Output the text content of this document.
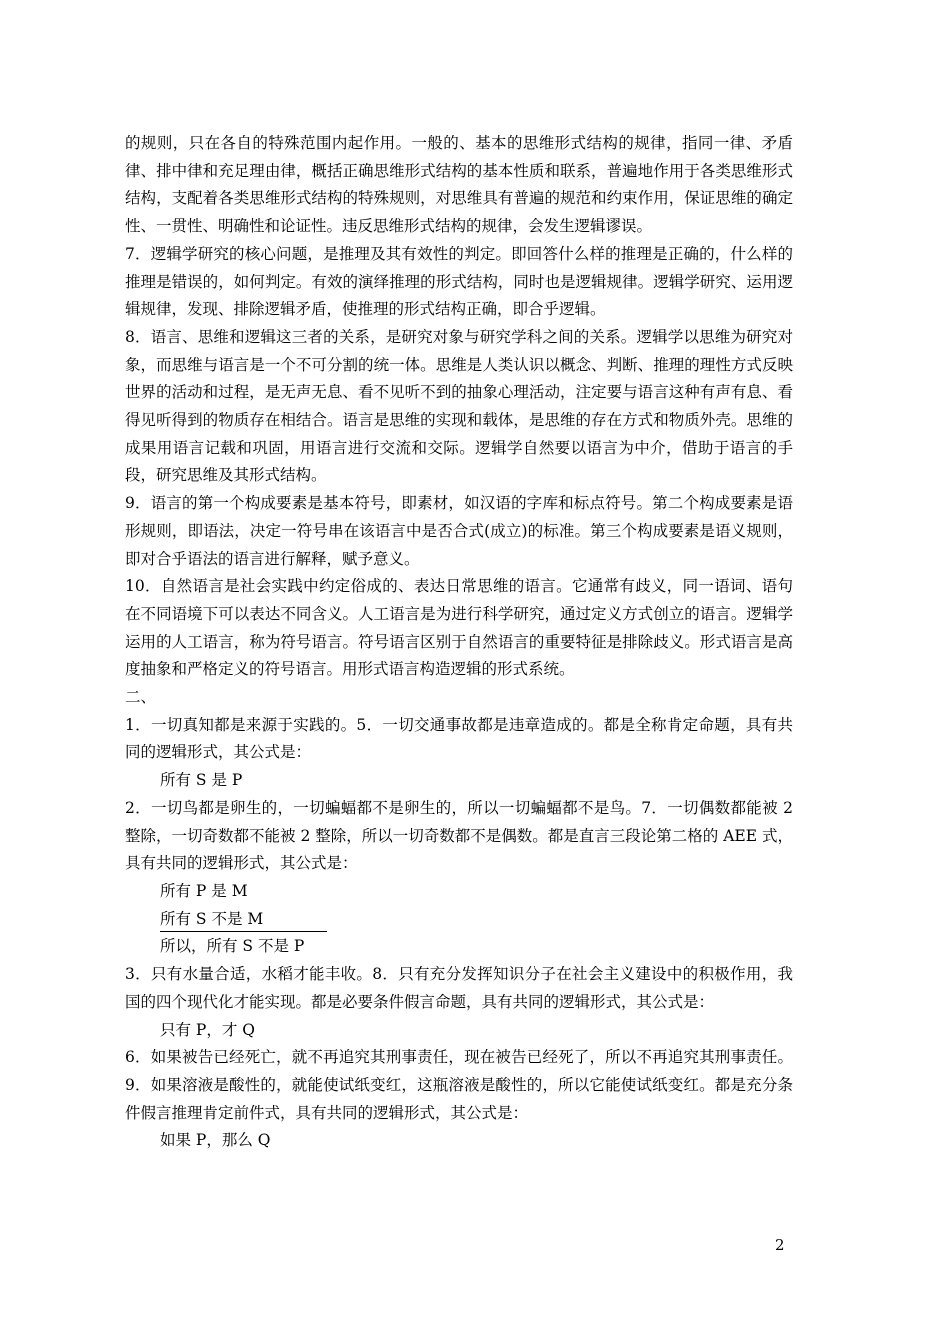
的规则，只在各自的特殊范围内起作用。一般的、基本的思维形式结构的规律，指同一律、矛盾律、排中律和充足理由律，概括正确思维形式结构的基本性质和联系，普遍地作用于各类思维形式结构，支配着各类思维形式结构的特殊规则，对思维具有普遍的规范和约束作用，保证思维的确定性、一贯性、明确性和论证性。违反思维形式结构的规律，会发生逻辑谬误。

7．逻辑学研究的核心问题，是推理及其有效性的判定。即回答什么样的推理是正确的，什么样的推理是错误的，如何判定。有效的演绎推理的形式结构，同时也是逻辑规律。逻辑学研究、运用逻辑规律，发现、排除逻辑矛盾，使推理的形式结构正确，即合乎逻辑。

8．语言、思维和逻辑这三者的关系，是研究对象与研究学科之间的关系。逻辑学以思维为研究对象，而思维与语言是一个不可分割的统一体。思维是人类认识以概念、判断、推理的理性方式反映世界的活动和过程，是无声无息、看不见听不到的抽象心理活动，注定要与语言这种有声有息、看得见听得到的物质存在相结合。语言是思维的实现和载体，是思维的存在方式和物质外壳。思维的成果用语言记载和巩固，用语言进行交流和交际。逻辑学自然要以语言为中介，借助于语言的手段，研究思维及其形式结构。

9．语言的第一个构成要素是基本符号，即素材，如汉语的字库和标点符号。第二个构成要素是语形规则，即语法，决定一符号串在该语言中是否合式(成立)的标准。第三个构成要素是语义规则，即对合乎语法的语言进行解释，赋予意义。

10．自然语言是社会实践中约定俗成的、表达日常思维的语言。它通常有歧义，同一语词、语句在不同语境下可以表达不同含义。人工语言是为进行科学研究，通过定义方式创立的语言。逻辑学运用的人工语言，称为符号语言。符号语言区别于自然语言的重要特征是排除歧义。形式语言是高度抽象和严格定义的符号语言。用形式语言构造逻辑的形式系统。

二、

1．一切真知都是来源于实践的。5．一切交通事故都是违章造成的。都是全称肯定命题，具有共同的逻辑形式，其公式是：

所有 S 是 P

2．一切鸟都是卵生的，一切蝙蝠都不是卵生的，所以一切蝙蝠都不是鸟。7．一切偶数都能被 2 整除，一切奇数都不能被 2 整除，所以一切奇数都不是偶数。都是直言三段论第二格的 AEE 式，具有共同的逻辑形式，其公式是：

所有 P 是 M

所有 S 不是 M

所以，所有 S 不是 P

3．只有水量合适，水稻才能丰收。8．只有充分发挥知识分子在社会主义建设中的积极作用，我国的四个现代化才能实现。都是必要条件假言命题，具有共同的逻辑形式，其公式是：

只有 P，才 Q

6．如果被告已经死亡，就不再追究其刑事责任，现在被告已经死了，所以不再追究其刑事责任。9．如果溶液是酸性的，就能使试纸变红，这瓶溶液是酸性的，所以它能使试纸变红。都是充分条件假言推理肯定前件式，具有共同的逻辑形式，其公式是：

如果 P，那么 Q

2
